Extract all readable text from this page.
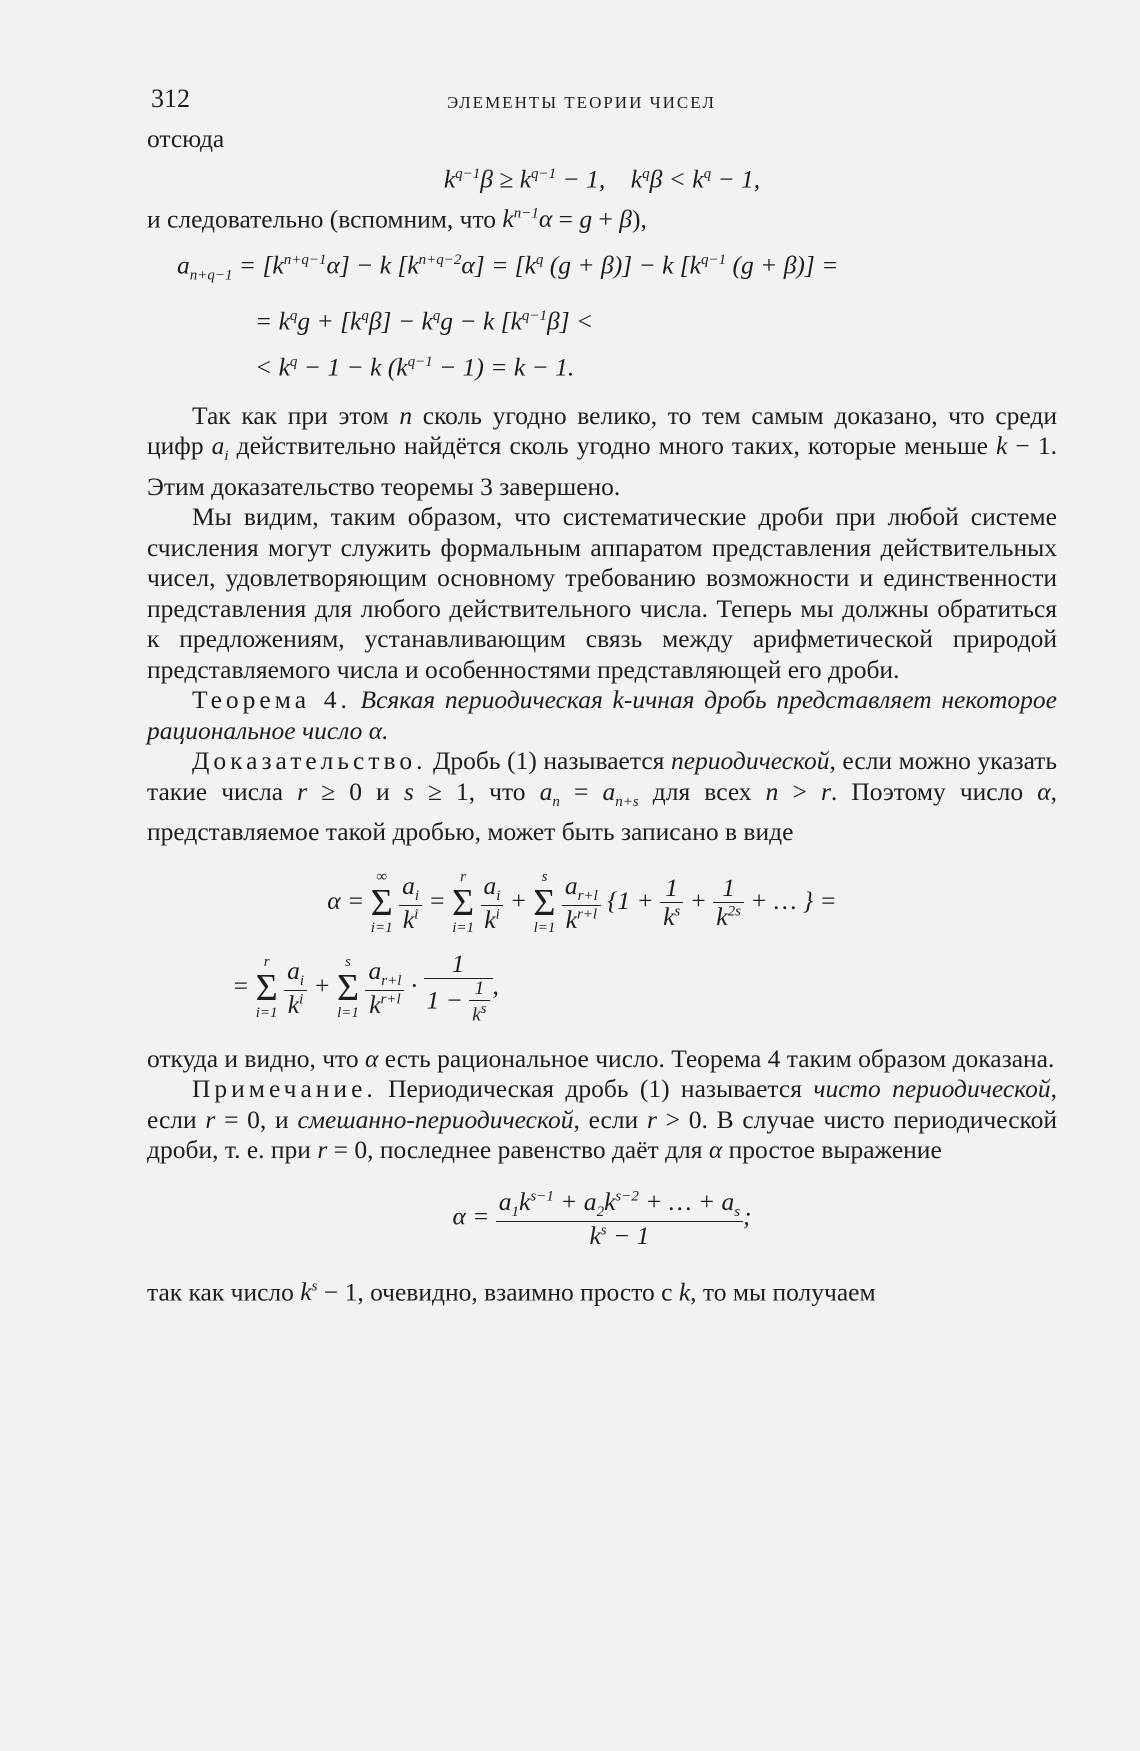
312	ЭЛЕМЕНТЫ ТЕОРИИ ЧИСЕЛ

отсюда

$k^{q-1}\beta \ge k^{q-1} - 1$,    $k^q\beta < k^q - 1$,

и следовательно (вспомним, что $k^{n-1}\alpha = g + \beta$),

$a_{n+q-1} = [k^{n+q-1}\alpha] - k$ $[k^{n+q-2}\alpha] = [k^q$ (g + β)] − k [$k^{q-1}$ (g + β)] =
= $k^qg + [k^q\beta] - k^qg - k$ $[k^{q-1}\beta]$ <
< $k^q - 1 - k$ $(k^{q-1} - 1) = k - 1$.

Так как при этом n сколь угодно велико, то тем самым доказано, что среди цифр $a_i$ действительно найдётся сколь угодно много таких, которые меньше k − 1. Этим доказательство теоремы 3 завершено.

Мы видим, таким образом, что систематические дроби при любой системе счисления могут служить формальным аппаратом представления действительных чисел, удовлетворяющим основному требованию возможности и единственности представления для любого действительного числа. Теперь мы должны обратиться к предложениям, устанавливающим связь между арифметической природой представляемого числа и особенностями представляющей его дроби.

Теорема 4. Всякая периодическая k-ичная дробь представляет некоторое рациональное число α.

Доказательство. Дробь (1) называется периодической, если можно указать такие числа r ≥ 0 и s ≥ 1, что $a_n = a_{n+s}$ для всех n > r. Поэтому число α, представляемое такой дробью, может быть записано в виде

α =
∞
Σ
i=1
$\frac{a_i}{k^i}$ =
r
Σ
i=1
$\frac{a_i}{k^i}$ +
s
Σ
l=1
$\frac{a_{r+l}}{k^{r+l}} \{1 + \frac{1}{k^s} + \frac{1}{k^{2s}}$ + … } =
=
r
Σ
i=1
$\frac{a_i}{k^i}$ +
s
Σ
l=1
$\frac{a_{r+l}}{k^{r+l}} \cdot \frac{1}{1 - \frac{1}{k^s}}$ ,

откуда и видно, что α есть рациональное число. Теорема 4 таким образом доказана.

Примечание. Периодическая дробь (1) называется чисто периодической, если r = 0, и смешанно-периодической, если r > 0. В случае чисто периодической дроби, т. е. при r = 0, последнее равенство даёт для α простое выражение

$\alpha = \frac{a_1k^{s-1} + a_2k^{s-2} + \dots + a_s}{k^s - 1}$ ;

так как число $k^s - 1$, очевидно, взаимно просто с k, то мы получаем
